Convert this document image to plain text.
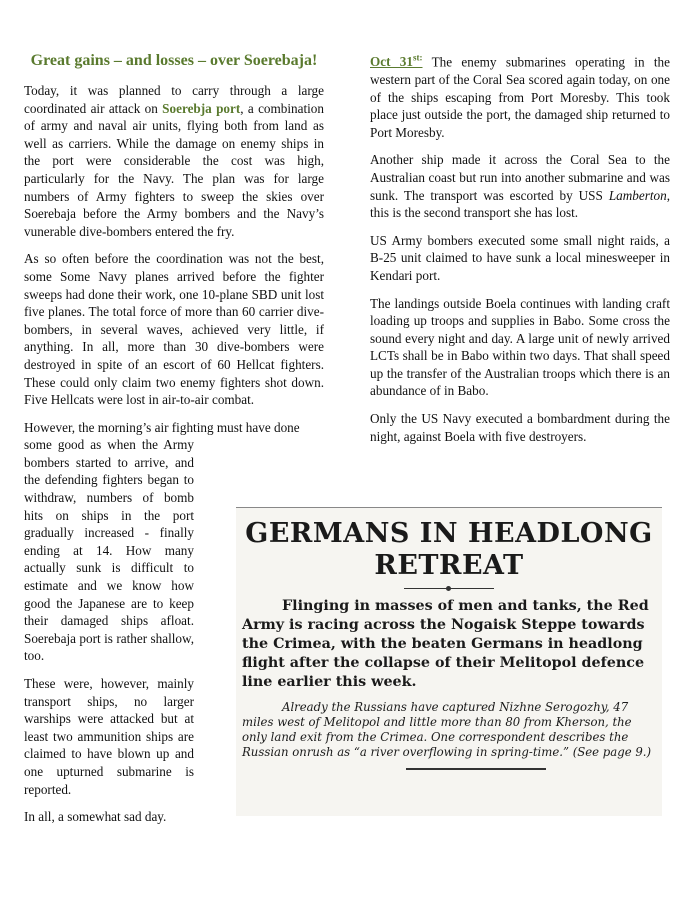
Great gains – and losses – over Soerebaja!

Today, it was planned to carry through a large coordinated air attack on Soerebja port, a combination of army and naval air units, flying both from land as well as carriers. While the damage on enemy ships in the port were considerable the cost was high, particularly for the Navy. The plan was for large numbers of Army fighters to sweep the skies over Soerebaja before the Army bombers and the Navy’s vunerable dive-bombers entered the fry.

As so often before the coordination was not the best, some Some Navy planes arrived before the fighter sweeps had done their work, one 10-plane SBD unit lost five planes. The total force of more than 60 carrier dive-bombers, in several waves, achieved very little, if anything. In all, more than 30 dive-bombers were destroyed in spite of an escort of 60 Hellcat fighters. These could only claim two enemy fighters shot down. Five Hellcats were lost in air-to-air combat.

However, the morning’s air fighting must have done
some good as when the Army bombers started to arrive, and the defending fighters began to withdraw, numbers of bomb hits on ships in the port gradually increased - finally ending at 14. How many actually sunk is difficult to estimate and we know how good the Japanese are to keep their damaged ships afloat. Soerebaja port is rather shallow, too.

These were, however, mainly transport ships, no larger warships were attacked but at least two ammunition ships are claimed to have blown up and one upturned submarine is reported.

In all, a somewhat sad day.

Oct $31^{st:}$ The enemy submarines operating in the western part of the Coral Sea scored again today, on one of the ships escaping from Port Moresby. This took place just outside the port, the damaged ship returned to Port Moresby.

Another ship made it across the Coral Sea to the Australian coast but run into another submarine and was sunk. The transport was escorted by USS Lamberton, this is the second transport she has lost.

US Army bombers executed some small night raids, a B-25 unit claimed to have sunk a local minesweeper in Kendari port.

The landings outside Boela continues with landing craft loading up troops and supplies in Babo. Some cross the sound every night and day. A large unit of newly arrived LCTs shall be in Babo within two days. That shall speed up the transfer of the Australian troops which there is an abundance of in Babo.

Only the US Navy executed a bombardment during the night, against Boela with five destroyers.

GERMANS IN HEADLONG
RETREAT
Flinging in masses of men and tanks, the Red Army is racing across the Nogaisk Steppe towards the Crimea, with the beaten Germans in headlong flight after the collapse of their Melitopol defence line earlier this week.
Already the Russians have captured Nizhne Serogozhy, 47 miles west of Melitopol and little more than 80 from Kherson, the only land exit from the Crimea. One correspondent describes the Russian onrush as “a river overflowing in spring-time.” (See page 9.)
